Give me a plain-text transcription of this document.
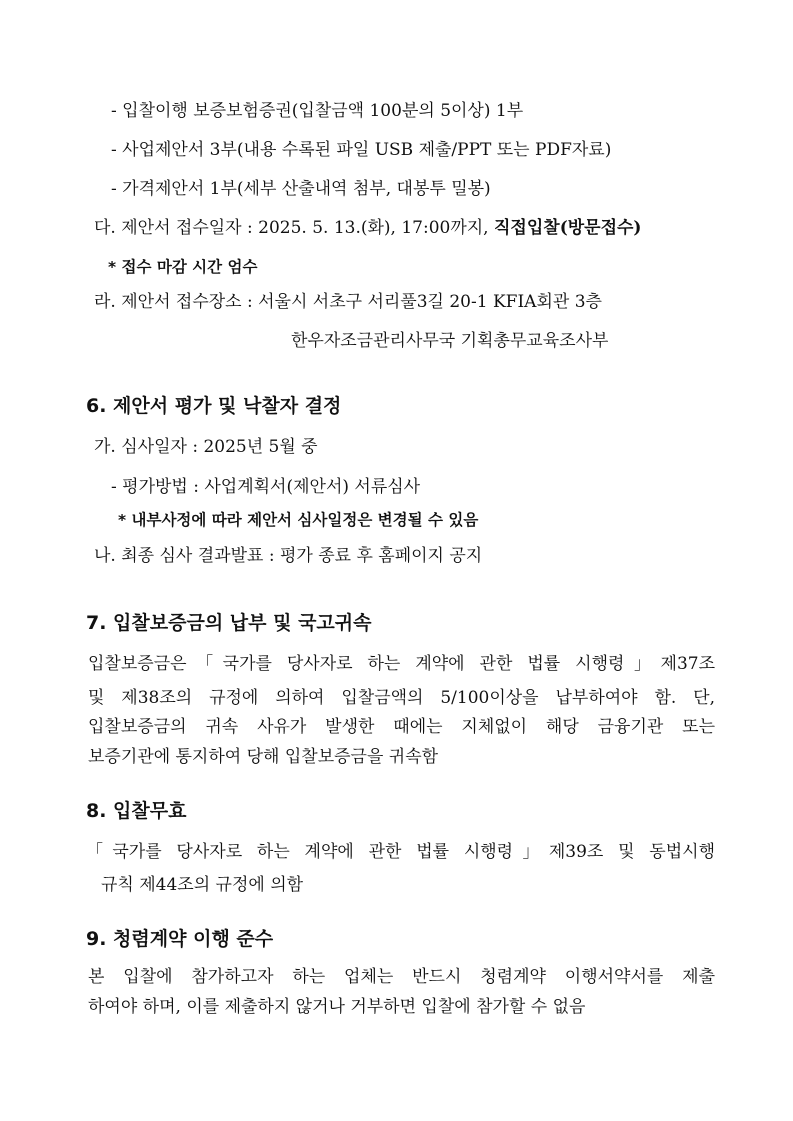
- 입찰이행 보증보험증권(입찰금액 100분의 5이상) 1부
- 사업제안서 3부(내용 수록된 파일 USB 제출/PPT 또는 PDF자료)
- 가격제안서 1부(세부 산출내역 첨부, 대봉투 밀봉)
다. 제안서 접수일자 : 2025. 5. 13.(화), 17:00까지, 직접입찰(방문접수)
* 접수 마감 시간 엄수
라. 제안서 접수장소 : 서울시 서초구 서리풀3길 20-1 KFIA회관 3층
한우자조금관리사무국 기획총무교육조사부
6. 제안서 평가 및 낙찰자 결정
가. 심사일자 : 2025년 5월 중
- 평가방법 : 사업계획서(제안서) 서류심사
* 내부사정에 따라 제안서 심사일정은 변경될 수 있음
나. 최종 심사 결과발표 : 평가 종료 후 홈페이지 공지
7. 입찰보증금의 납부 및 국고귀속
입찰보증금은「국가를 당사자로 하는 계약에 관한 법률 시행령」제37조
및 제38조의 규정에 의하여 입찰금액의 5/100이상을 납부하여야 함. 단,
입찰보증금의 귀속 사유가 발생한 때에는 지체없이 해당 금융기관 또는
보증기관에 통지하여 당해 입찰보증금을 귀속함
8. 입찰무효
「국가를 당사자로 하는 계약에 관한 법률 시행령」제39조 및 동법시행
규칙 제44조의 규정에 의함
9. 청렴계약 이행 준수
본 입찰에 참가하고자 하는 업체는 반드시 청렴계약 이행서약서를 제출
하여야 하며, 이를 제출하지 않거나 거부하면 입찰에 참가할 수 없음
